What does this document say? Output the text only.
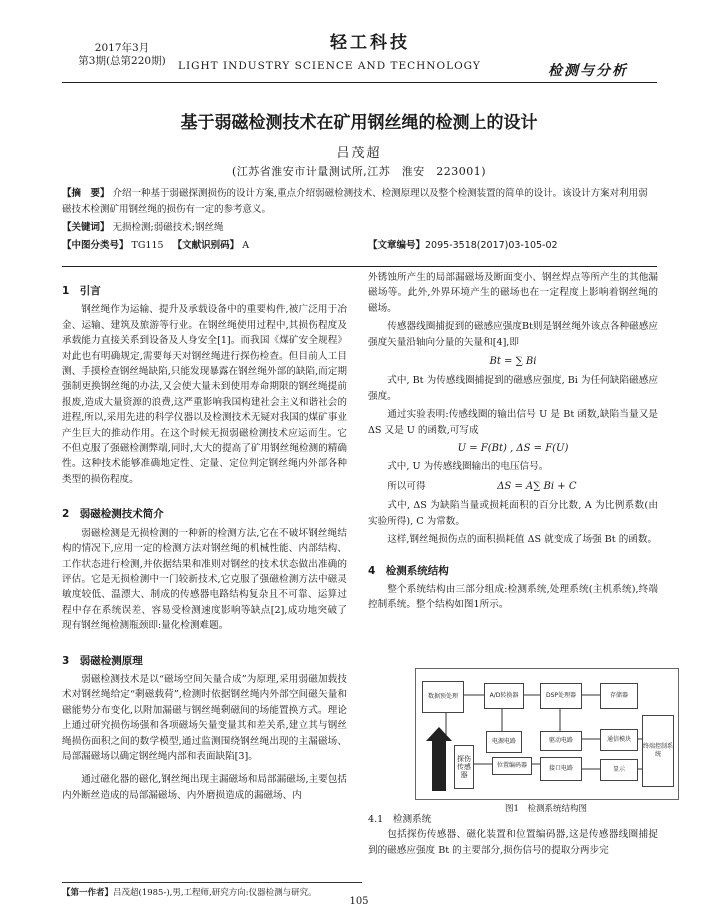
2017年3月
第3期(总第220期)
轻工科技
LIGHT INDUSTRY SCIENCE AND TECHNOLOGY	检测与分析
基于弱磁检测技术在矿用钢丝绳的检测上的设计
吕茂超
(江苏省淮安市计量测试所,江苏　淮安　223001)
【摘　要】 介绍一种基于弱磁探测损伤的设计方案,重点介绍弱磁检测技术、检测原理以及整个检测装置的简单的设计。该设计方案对利用弱磁技术检测矿用钢丝绳的损伤有一定的参考意义。
【关键词】 无损检测;弱磁技术;钢丝绳
【中图分类号】 TG115 【文献识别码】 A	【文章编号】2095-3518(2017)03-105-02
1　引言

钢丝绳作为运输、提升及承载设备中的重要构件,被广泛用于冶金、运输、建筑及旅游等行业。在钢丝绳使用过程中,其损伤程度及承载能力直接关系到设备及人身安全[1]。而我国《煤矿安全规程》对此也有明确规定,需要每天对钢丝绳进行探伤检查。但目前人工目测、手摸检查钢丝绳缺陷,只能发现暴露在钢丝绳外部的缺陷,而定期强制更换钢丝绳的办法,又会使大量未到使用寿命期限的钢丝绳提前报废,造成大量资源的浪费,这严重影响我国构建社会主义和谐社会的进程,所以,采用先进的科学仪器以及检测技术无疑对我国的煤矿事业产生巨大的推动作用。在这个时候无损弱磁检测技术应运而生。它不但克服了强磁检测弊端,同时,大大的提高了矿用钢丝绳检测的精确性。这种技术能够准确地定性、定量、定位判定钢丝绳内外部各种类型的损伤程度。

2　弱磁检测技术简介

弱磁检测是无损检测的一种新的检测方法,它在不破坏钢丝绳结构的情况下,应用一定的检测方法对钢丝绳的机械性能、内部结构、工作状态进行检测,并依据结果和准则对钢丝的技术状态做出准确的评估。它是无损检测中一门较新技术,它克服了强磁检测方法中磁灵敏度较低、温漂大、制成的传感器电路结构复杂且不可靠、运算过程中存在系统误差、容易受检测速度影响等缺点[2],成功地突破了现有钢丝绳检测瓶颈即:量化检测难题。

3　弱磁检测原理

弱磁检测技术是以“磁场空间矢量合成”为原理,采用弱磁加载技术对钢丝绳给定“剩磁载荷”,检测时依据钢丝绳内外部空间磁矢量和磁能势分布变化,以附加漏磁与钢丝绳剩磁间的场能置换方式。理论上通过研究损伤场强和各项磁场矢量变量其和差关系,建立其与钢丝绳损伤面积之间的数学模型,通过监测围绕钢丝绳出现的主漏磁场、局部漏磁场以确定钢丝绳内部和表面缺陷[3]。

通过磁化器的磁化,钢丝绳出现主漏磁场和局部漏磁场,主要包括内外断丝造成的局部漏磁场、内外磨损造成的漏磁场、内

外锈蚀所产生的局部漏磁场及断面变小、钢丝焊点等所产生的其他漏磁场等。此外,外界环境产生的磁场也在一定程度上影响着钢丝绳的磁场。

传感器线圈捕捉到的磁感应强度Bt则是钢丝绳外该点各种磁感应强度矢量沿轴向分量的矢量和[4],即

Bt = ∑ Bi

式中, Bt 为传感线圈捕捉到的磁感应强度, Bi 为任何缺陷磁感应强度。

通过实验表明:传感线圈的输出信号 U 是 Bt 函数,缺陷当量又是 ΔS 又是 U 的函数,可写成

U = F(Bt) , ΔS = F(U)

式中, U 为传感线圈输出的电压信号。

所以可得	ΔS = A∑ Bi + C

式中, ΔS 为缺陷当量或损耗面积的百分比数, A 为比例系数(由实验所得), C 为常数。

这样,钢丝绳损伤点的面积损耗值 ΔS 就变成了场强 Bt 的函数。

4　检测系统结构

整个系统结构由三部分组成:检测系统,处理系统(主机系统),终端控制系统。整个结构如图1所示。

数据预处理	A/D转换器	DSP处理器
电源电路	驱动电路
探伤传感器
位置编码器	接口电路
存储器
通信模块
显示
终端控制系统
图1　检测系统结构图
4.1　检测系统

包括探伤传感器、磁化装置和位置编码器,这是传感器线圈捕捉到的磁感应强度 Bt 的主要部分,损伤信号的提取分两步完

【第一作者】吕茂超(1985-),男,工程师,研究方向:仪器检测与研究。
105
